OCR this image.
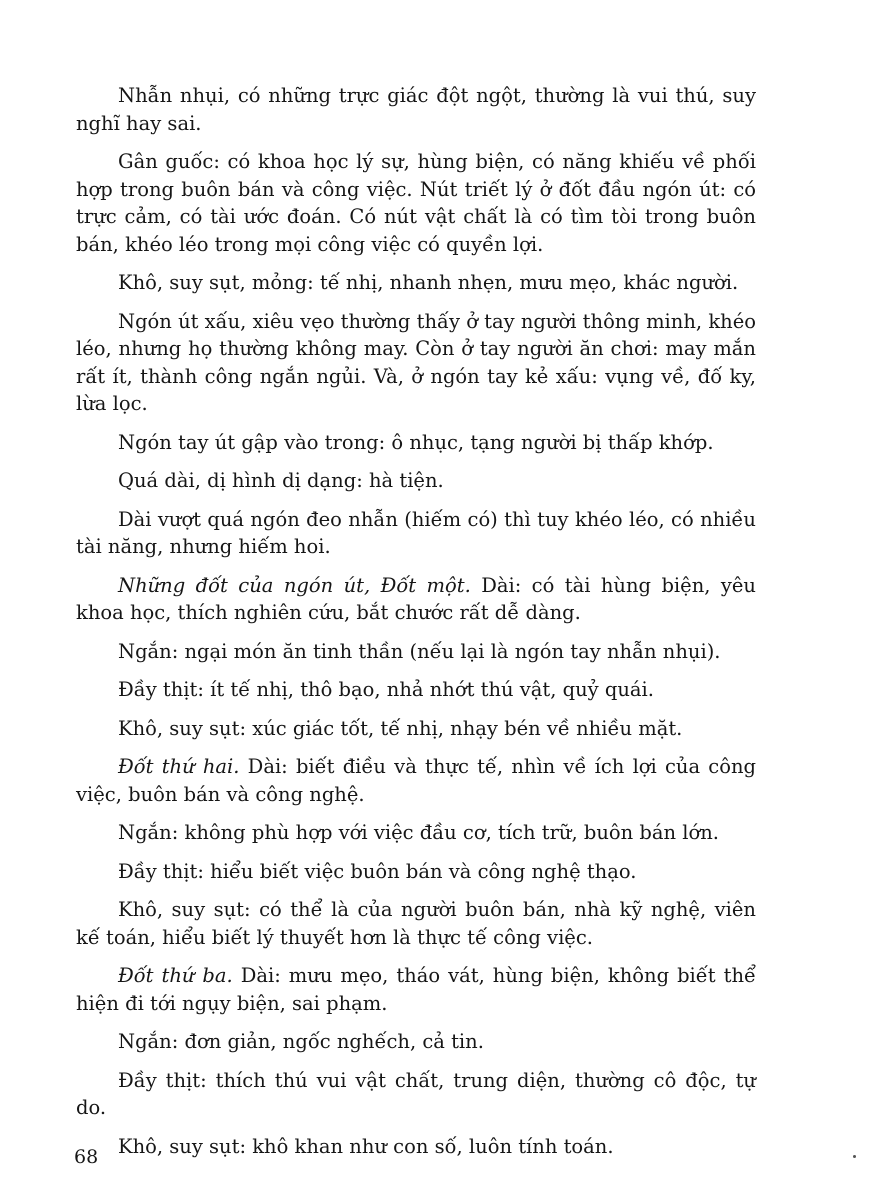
Nhẫn nhụi, có những trực giác đột ngột, thường là vui thú, suy nghĩ hay sai.

Gân guốc: có khoa học lý sự, hùng biện, có năng khiếu về phối hợp trong buôn bán và công việc. Nút triết lý ở đốt đầu ngón út: có trực cảm, có tài ước đoán. Có nút vật chất là có tìm tòi trong buôn bán, khéo léo trong mọi công việc có quyền lợi.

Khô, suy sụt, mỏng: tế nhị, nhanh nhẹn, mưu mẹo, khác người.

Ngón út xấu, xiêu vẹo thường thấy ở tay người thông minh, khéo léo, nhưng họ thường không may. Còn ở tay người ăn chơi: may mắn rất ít, thành công ngắn ngủi. Và, ở ngón tay kẻ xấu: vụng về, đố ky, lừa lọc.

Ngón tay út gập vào trong: ô nhục, tạng người bị thấp khớp.

Quá dài, dị hình dị dạng: hà tiện.

Dài vượt quá ngón đeo nhẫn (hiếm có) thì tuy khéo léo, có nhiều tài năng, nhưng hiếm hoi.

Những đốt của ngón út, Đốt một. Dài: có tài hùng biện, yêu khoa học, thích nghiên cứu, bắt chước rất dễ dàng.

Ngắn: ngại món ăn tinh thần (nếu lại là ngón tay nhẫn nhụi).

Đầy thịt: ít tế nhị, thô bạo, nhả nhớt thú vật, quỷ quái.

Khô, suy sụt: xúc giác tốt, tế nhị, nhạy bén về nhiều mặt.

Đốt thứ hai. Dài: biết điều và thực tế, nhìn về ích lợi của công việc, buôn bán và công nghệ.

Ngắn: không phù hợp với việc đầu cơ, tích trữ, buôn bán lớn.

Đầy thịt: hiểu biết việc buôn bán và công nghệ thạo.

Khô, suy sụt: có thể là của người buôn bán, nhà kỹ nghệ, viên kế toán, hiểu biết lý thuyết hơn là thực tế công việc.

Đốt thứ ba. Dài: mưu mẹo, tháo vát, hùng biện, không biết thể hiện đi tới ngụy biện, sai phạm.

Ngắn: đơn giản, ngốc nghếch, cả tin.

Đầy thịt: thích thú vui vật chất, trung diện, thường cô độc, tự do.

Khô, suy sụt: khô khan như con số, luôn tính toán.

68
